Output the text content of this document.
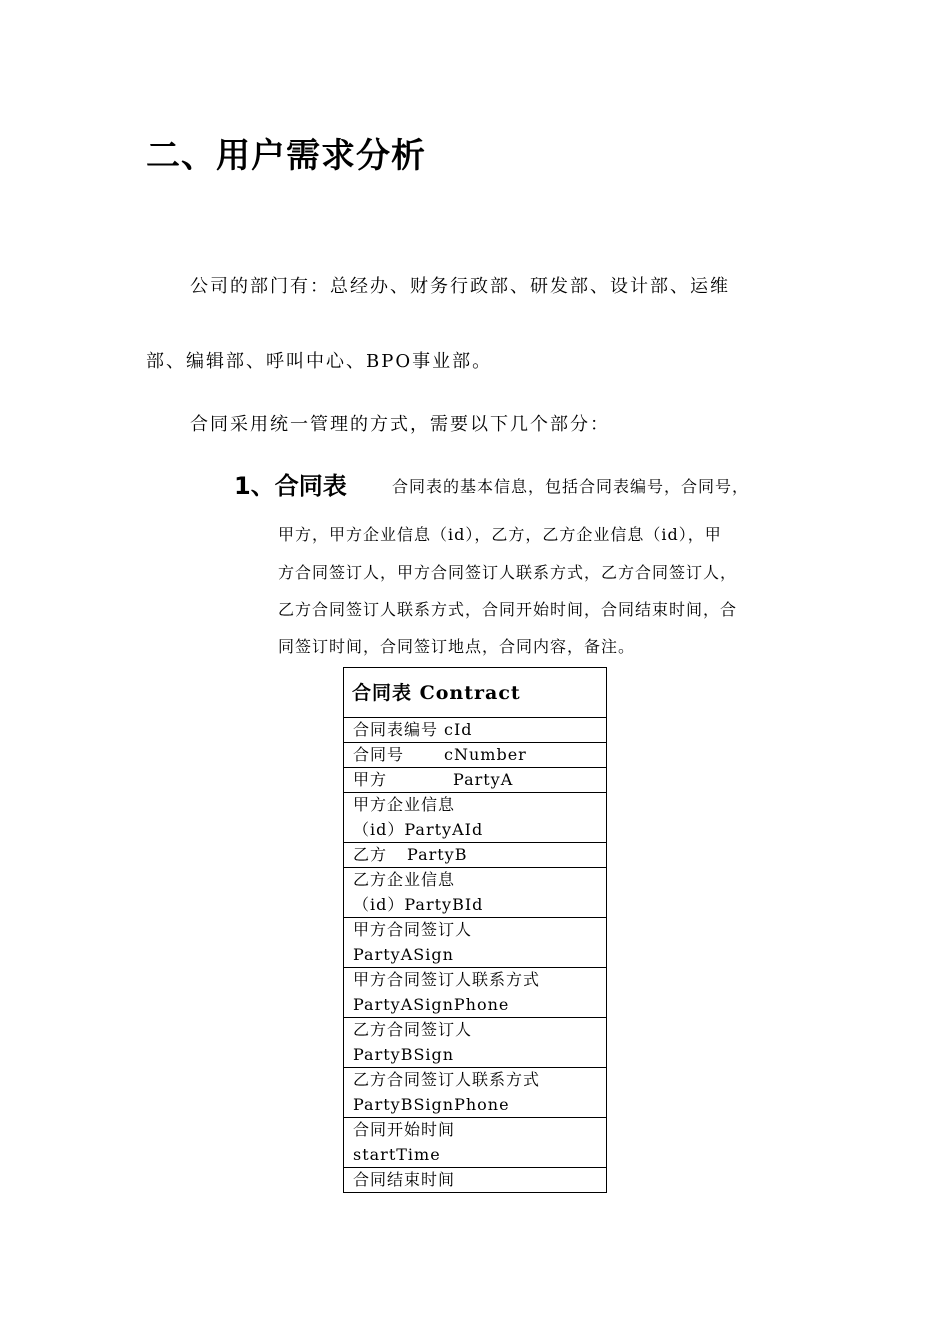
二、用户需求分析

公司的部门有：总经办、财务行政部、研发部、设计部、运维

部、编辑部、呼叫中心、BPO事业部。

合同采用统一管理的方式，需要以下几个部分：

1、合同表	合同表的基本信息，包括合同表编号，合同号，

甲方，甲方企业信息（id），乙方，乙方企业信息（id），甲

方合同签订人，甲方合同签订人联系方式，乙方合同签订人，

乙方合同签订人联系方式，合同开始时间，合同结束时间，合

同签订时间，合同签订地点，合同内容，备注。

合同表 Contract
合同表编号 cId
合同号	cNumber
甲方	PartyA

甲方企业信息
（id）PartyAId

乙方 PartyB

乙方企业信息
（id）PartyBId

甲方合同签订人
PartyASign

甲方合同签订人联系方式
PartyASignPhone

乙方合同签订人
PartyBSign

乙方合同签订人联系方式
PartyBSignPhone

合同开始时间
startTime

合同结束时间
